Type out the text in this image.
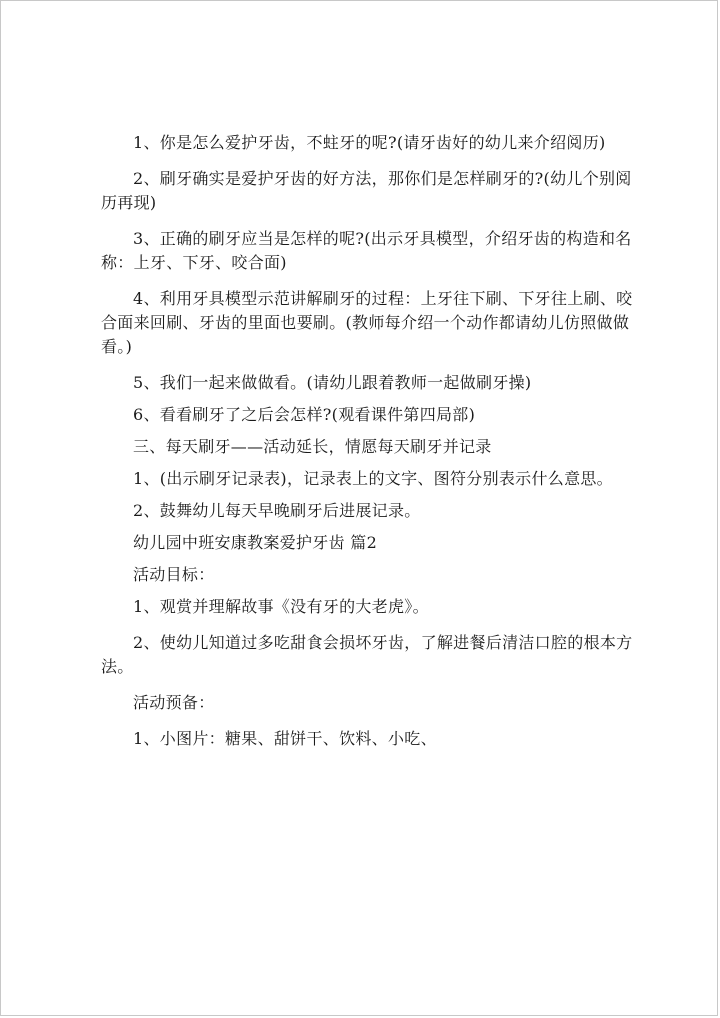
1、你是怎么爱护牙齿，不蛀牙的呢?(请牙齿好的幼儿来介绍阅历)

2、刷牙确实是爱护牙齿的好方法，那你们是怎样刷牙的?(幼儿个别阅历再现)

3、正确的刷牙应当是怎样的呢?(出示牙具模型，介绍牙齿的构造和名称：上牙、下牙、咬合面)

4、利用牙具模型示范讲解刷牙的过程：上牙往下刷、下牙往上刷、咬合面来回刷、牙齿的里面也要刷。(教师每介绍一个动作都请幼儿仿照做做看。)

5、我们一起来做做看。(请幼儿跟着教师一起做刷牙操)

6、看看刷牙了之后会怎样?(观看课件第四局部)

三、每天刷牙——活动延长，情愿每天刷牙并记录

1、(出示刷牙记录表)，记录表上的文字、图符分别表示什么意思。

2、鼓舞幼儿每天早晚刷牙后进展记录。

幼儿园中班安康教案爱护牙齿 篇2

活动目标：

1、观赏并理解故事《没有牙的大老虎》。

2、使幼儿知道过多吃甜食会损坏牙齿，了解进餐后清洁口腔的根本方法。

活动预备：

1、小图片：糖果、甜饼干、饮料、小吃、
